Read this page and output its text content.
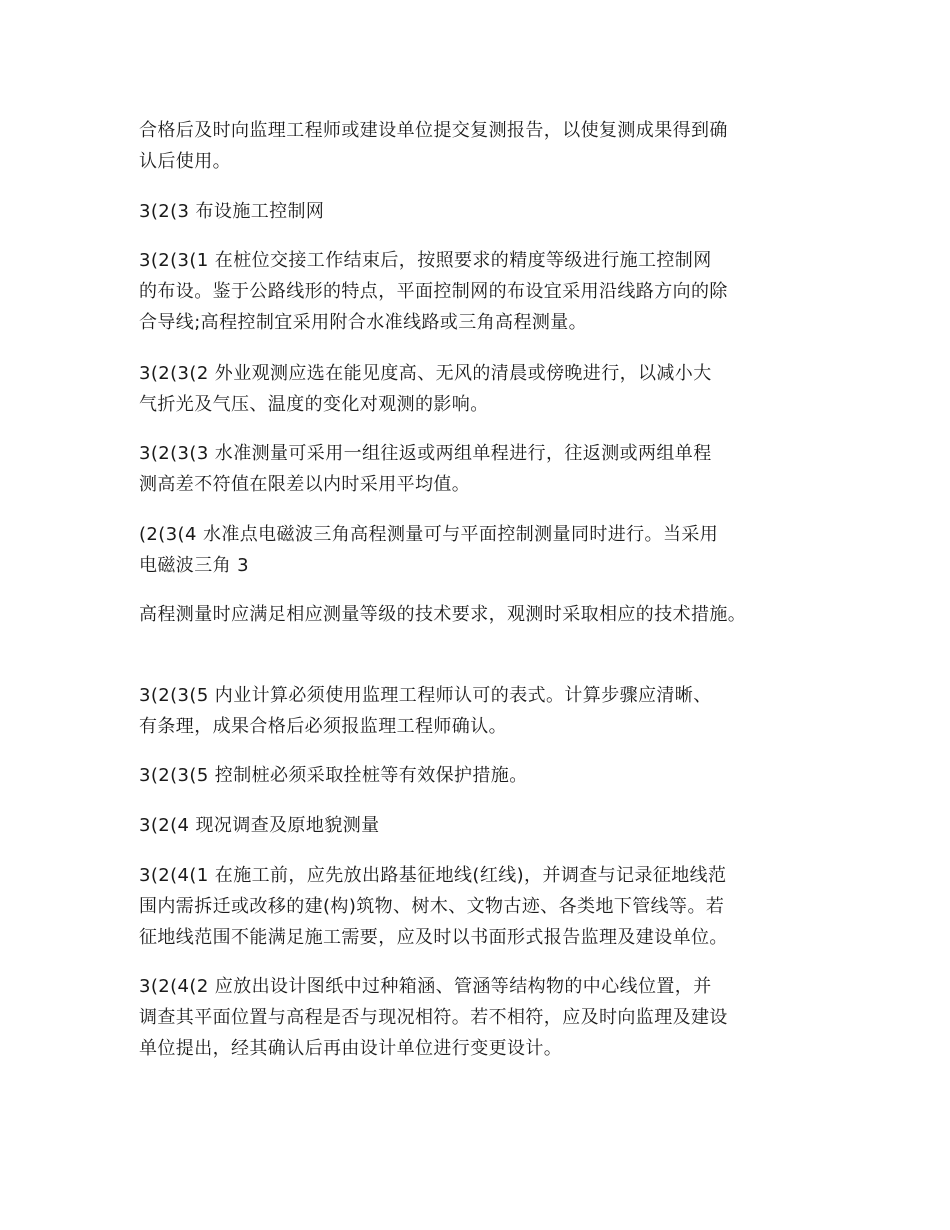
合格后及时向监理工程师或建设单位提交复测报告，以使复测成果得到确
认后使用。
3(2(3 布设施工控制网
3(2(3(1 在桩位交接工作结束后，按照要求的精度等级进行施工控制网
的布设。鉴于公路线形的特点，平面控制网的布设宜采用沿线路方向的除
合导线;高程控制宜采用附合水准线路或三角高程测量。
3(2(3(2 外业观测应选在能见度高、无风的清晨或傍晚进行，以减小大
气折光及气压、温度的变化对观测的影响。
3(2(3(3 水准测量可采用一组往返或两组单程进行，往返测或两组单程
测高差不符值在限差以内时采用平均值。
(2(3(4 水准点电磁波三角高程测量可与平面控制测量同时进行。当采用
电磁波三角 3
高程测量时应满足相应测量等级的技术要求，观测时采取相应的技术措施。
3(2(3(5 内业计算必须使用监理工程师认可的表式。计算步骤应清晰、
有条理，成果合格后必须报监理工程师确认。
3(2(3(5 控制桩必须采取拴桩等有效保护措施。
3(2(4 现况调查及原地貌测量
3(2(4(1 在施工前，应先放出路基征地线(红线)，并调查与记录征地线范
围内需拆迁或改移的建(构)筑物、树木、文物古迹、各类地下管线等。若
征地线范围不能满足施工需要，应及时以书面形式报告监理及建设单位。
3(2(4(2 应放出设计图纸中过种箱涵、管涵等结构物的中心线位置，并
调查其平面位置与高程是否与现况相符。若不相符，应及时向监理及建设
单位提出，经其确认后再由设计单位进行变更设计。
